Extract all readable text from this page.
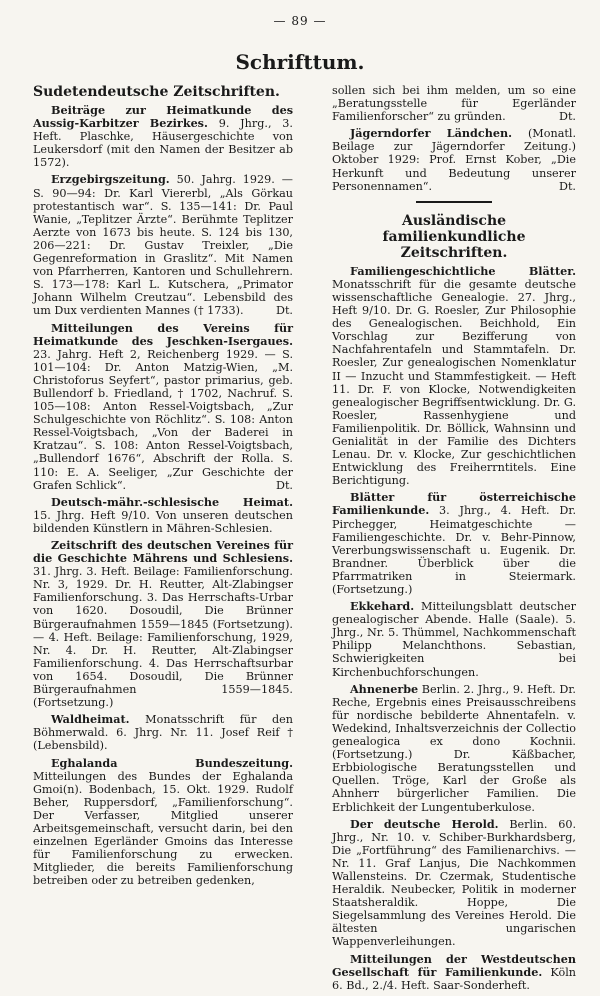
— 89 —
Schrifttum.
Sudetendeutsche Zeitschriften.

Beiträge zur Heimatkunde des Aussig-Karbitzer Bezirkes. 9. Jhrg., 3. Heft. Plaschke, Häusergeschichte von Leukersdorf (mit den Namen der Besitzer ab 1572).

Erzgebirgszeitung. 50. Jahrg. 1929. — S. 90—94: Dr. Karl Viererbl, „Als Görkau protestantisch war“. S. 135—141: Dr. Paul Wanie, „Teplitzer Ärzte“. Berühmte Teplitzer Aerzte von 1673 bis heute. S. 124 bis 130, 206—221: Dr. Gustav Treixler, „Die Gegenreformation in Graslitz“. Mit Namen von Pfarrherren, Kantoren und Schullehrern. S. 173—178: Karl L. Kutschera, „Primator Johann Wilhelm Creutzau“. Lebensbild des um Dux verdienten Mannes († 1733).	Dt.

Mitteilungen des Vereins für Heimatkunde des Jeschken-Isergaues. 23. Jahrg. Heft 2, Reichenberg 1929. — S. 101—104: Dr. Anton Matzig-Wien, „M. Christoforus Seyfert“, pastor primarius, geb. Bullendorf b. Friedland, † 1702, Nachruf. S. 105—108: Anton Ressel-Voigtsbach, „Zur Schulgeschichte von Röchlitz“. S. 108: Anton Ressel-Voigtsbach, „Von der Baderei in Kratzau“. S. 108: Anton Ressel-Voigtsbach, „Bullendorf 1676“, Abschrift der Rolla. S. 110: E. A. Seeliger, „Zur Geschichte der Grafen Schlick“.	Dt.

Deutsch-mähr.-schlesische Heimat. 15. Jhrg. Heft 9/10. Von unseren deutschen bildenden Künstlern in Mähren-Schlesien.

Zeitschrift des deutschen Vereines für die Geschichte Mährens und Schlesiens. 31. Jhrg. 3. Heft. Beilage: Familienforschung. Nr. 3, 1929. Dr. H. Reutter, Alt-Zlabingser Familienforschung. 3. Das Herrschafts-Urbar von 1620. Dosoudil, Die Brünner Bürgeraufnahmen 1559—1845 (Fortsetzung). — 4. Heft. Beilage: Familienforschung, 1929, Nr. 4. Dr. H. Reutter, Alt-Zlabingser Familienforschung. 4. Das Herrschaftsurbar von 1654. Dosoudil, Die Brünner Bürgeraufnahmen 1559—1845. (Fortsetzung.)

Waldheimat. Monatsschrift für den Böhmerwald. 6. Jhrg. Nr. 11. Josef Reif † (Lebensbild).

Eghalanda Bundeszeitung. Mitteilungen des Bundes der Eghalanda Gmoi(n). Bodenbach, 15. Okt. 1929. Rudolf Beher, Ruppersdorf, „Familienforschung“. Der Verfasser, Mitglied unserer Arbeitsgemeinschaft, versucht darin, bei den einzelnen Egerländer Gmoins das Interesse für Familienforschung zu erwecken. Mitglieder, die bereits Familienforschung betreiben oder zu betreiben gedenken,

sollen sich bei ihm melden, um so eine „Beratungsstelle für Egerländer Familienforscher“ zu gründen.	Dt.

Jägerndorfer Ländchen. (Monatl. Beilage zur Jägerndorfer Zeitung.) Oktober 1929: Prof. Ernst Kober, „Die Herkunft und Bedeutung unserer Personennamen“.	Dt.

Ausländische familienkundliche Zeitschriften.

Familiengeschichtliche Blätter. Monatsschrift für die gesamte deutsche wissenschaftliche Genealogie. 27. Jhrg., Heft 9/10. Dr. G. Roesler, Zur Philosophie des Genealogischen. Beichhold, Ein Vorschlag zur Bezifferung von Nachfahrentafeln und Stammtafeln. Dr. Roesler, Zur genealogischen Nomenklatur II — Inzucht und Stammfestigkeit. — Heft 11. Dr. F. von Klocke, Notwendigkeiten genealogischer Begriffsentwicklung. Dr. G. Roesler, Rassenhygiene und Familienpolitik. Dr. Böllick, Wahnsinn und Genialität in der Familie des Dichters Lenau. Dr. v. Klocke, Zur geschichtlichen Entwicklung des Freiherrntitels. Eine Berichtigung.

Blätter für österreichische Familienkunde. 3. Jhrg., 4. Heft. Dr. Pirchegger, Heimatgeschichte — Familiengeschichte. Dr. v. Behr-Pinnow, Vererbungswissenschaft u. Eugenik. Dr. Brandner. Überblick über die Pfarrmatriken in Steiermark. (Fortsetzung.)

Ekkehard. Mitteilungsblatt deutscher genealogischer Abende. Halle (Saale). 5. Jhrg., Nr. 5. Thümmel, Nachkommenschaft Philipp Melanchthons. Sebastian, Schwierigkeiten bei Kirchenbuchforschungen.

Ahnenerbe Berlin. 2. Jhrg., 9. Heft. Dr. Reche, Ergebnis eines Preisausschreibens für nordische bebilderte Ahnentafeln. v. Wedekind, Inhaltsverzeichnis der Collectio genealogica ex dono Kochnii. (Fortsetzung.) Dr. Käßbacher, Erbbiologische Beratungsstellen und Quellen. Tröge, Karl der Große als Ahnherr bürgerlicher Familien. Die Erblichkeit der Lungentuberkulose.

Der deutsche Herold. Berlin. 60. Jhrg., Nr. 10. v. Schiber-Burkhardsberg, Die „Fortführung“ des Familienarchivs. — Nr. 11. Graf Lanjus, Die Nachkommen Wallensteins. Dr. Czermak, Studentische Heraldik. Neubecker, Politik in moderner Staatsheraldik. Hoppe, Die Siegelsammlung des Vereines Herold. Die ältesten ungarischen Wappenverleihungen.

Mitteilungen der Westdeutschen Gesellschaft für Familienkunde. Köln 6. Bd., 2./4. Heft. Saar-Sonderheft.
